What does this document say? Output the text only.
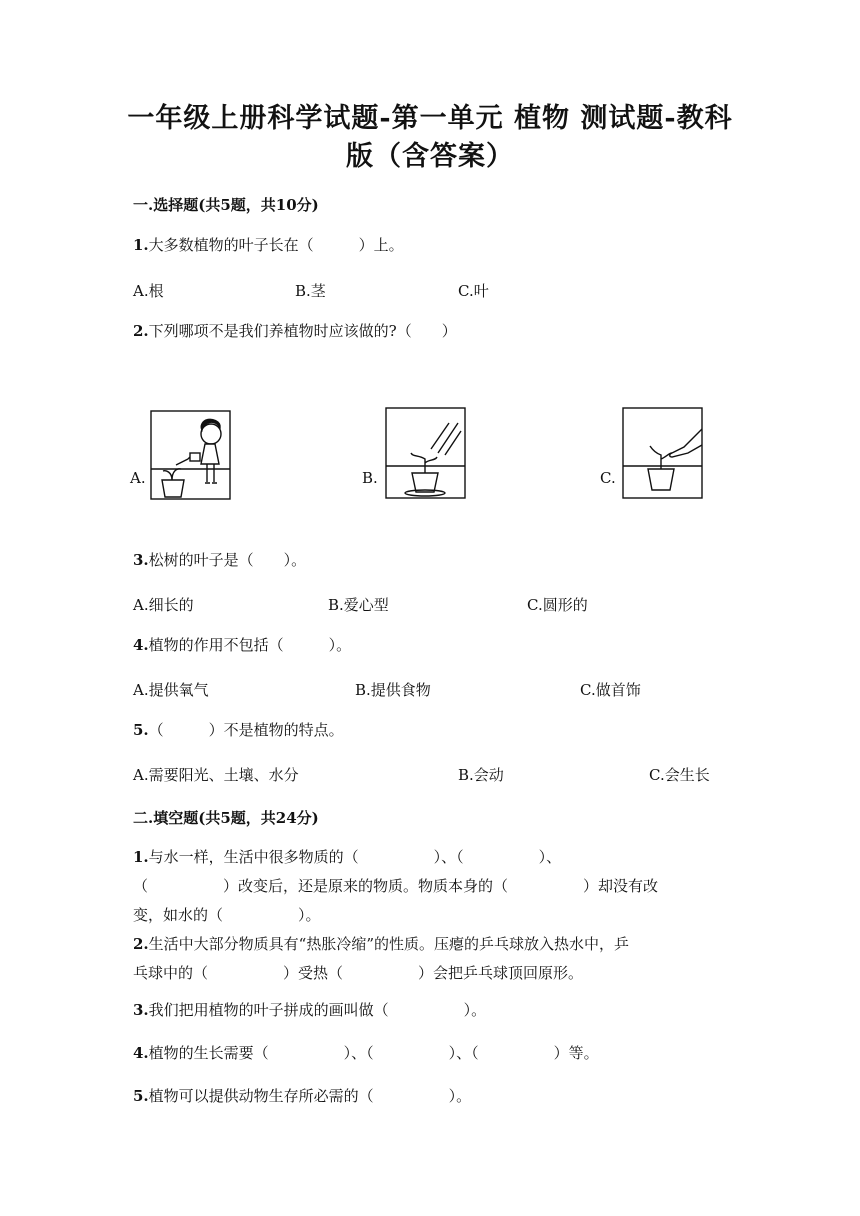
一年级上册科学试题-第一单元 植物 测试题-教科版（含答案）
一.选择题(共5题，共10分)
1.大多数植物的叶子长在（　　　）上。
A.根	B.茎	C.叶
2.下列哪项不是我们养植物时应该做的?（　　）
A.	B.	C.
3.松树的叶子是（　　）。
A.细长的	B.爱心型	C.圆形的
4.植物的作用不包括（　　　）。
A.提供氧气	B.提供食物	C.做首饰
5.（　　　）不是植物的特点。
A.需要阳光、土壤、水分	B.会动	C.会生长
二.填空题(共5题，共24分)
1.与水一样，生活中很多物质的（　　　　　）、（　　　　　）、
（　　　　　）改变后，还是原来的物质。物质本身的（　　　　　）却没有改
变，如水的（　　　　　）。
2.生活中大部分物质具有“热胀冷缩”的性质。压瘪的乒乓球放入热水中，乒
乓球中的（　　　　　）受热（　　　　　）会把乒乓球顶回原形。
3.我们把用植物的叶子拼成的画叫做（　　　　　）。
4.植物的生长需要（　　　　　）、（　　　　　）、（　　　　　）等。
5.植物可以提供动物生存所必需的（　　　　　）。
